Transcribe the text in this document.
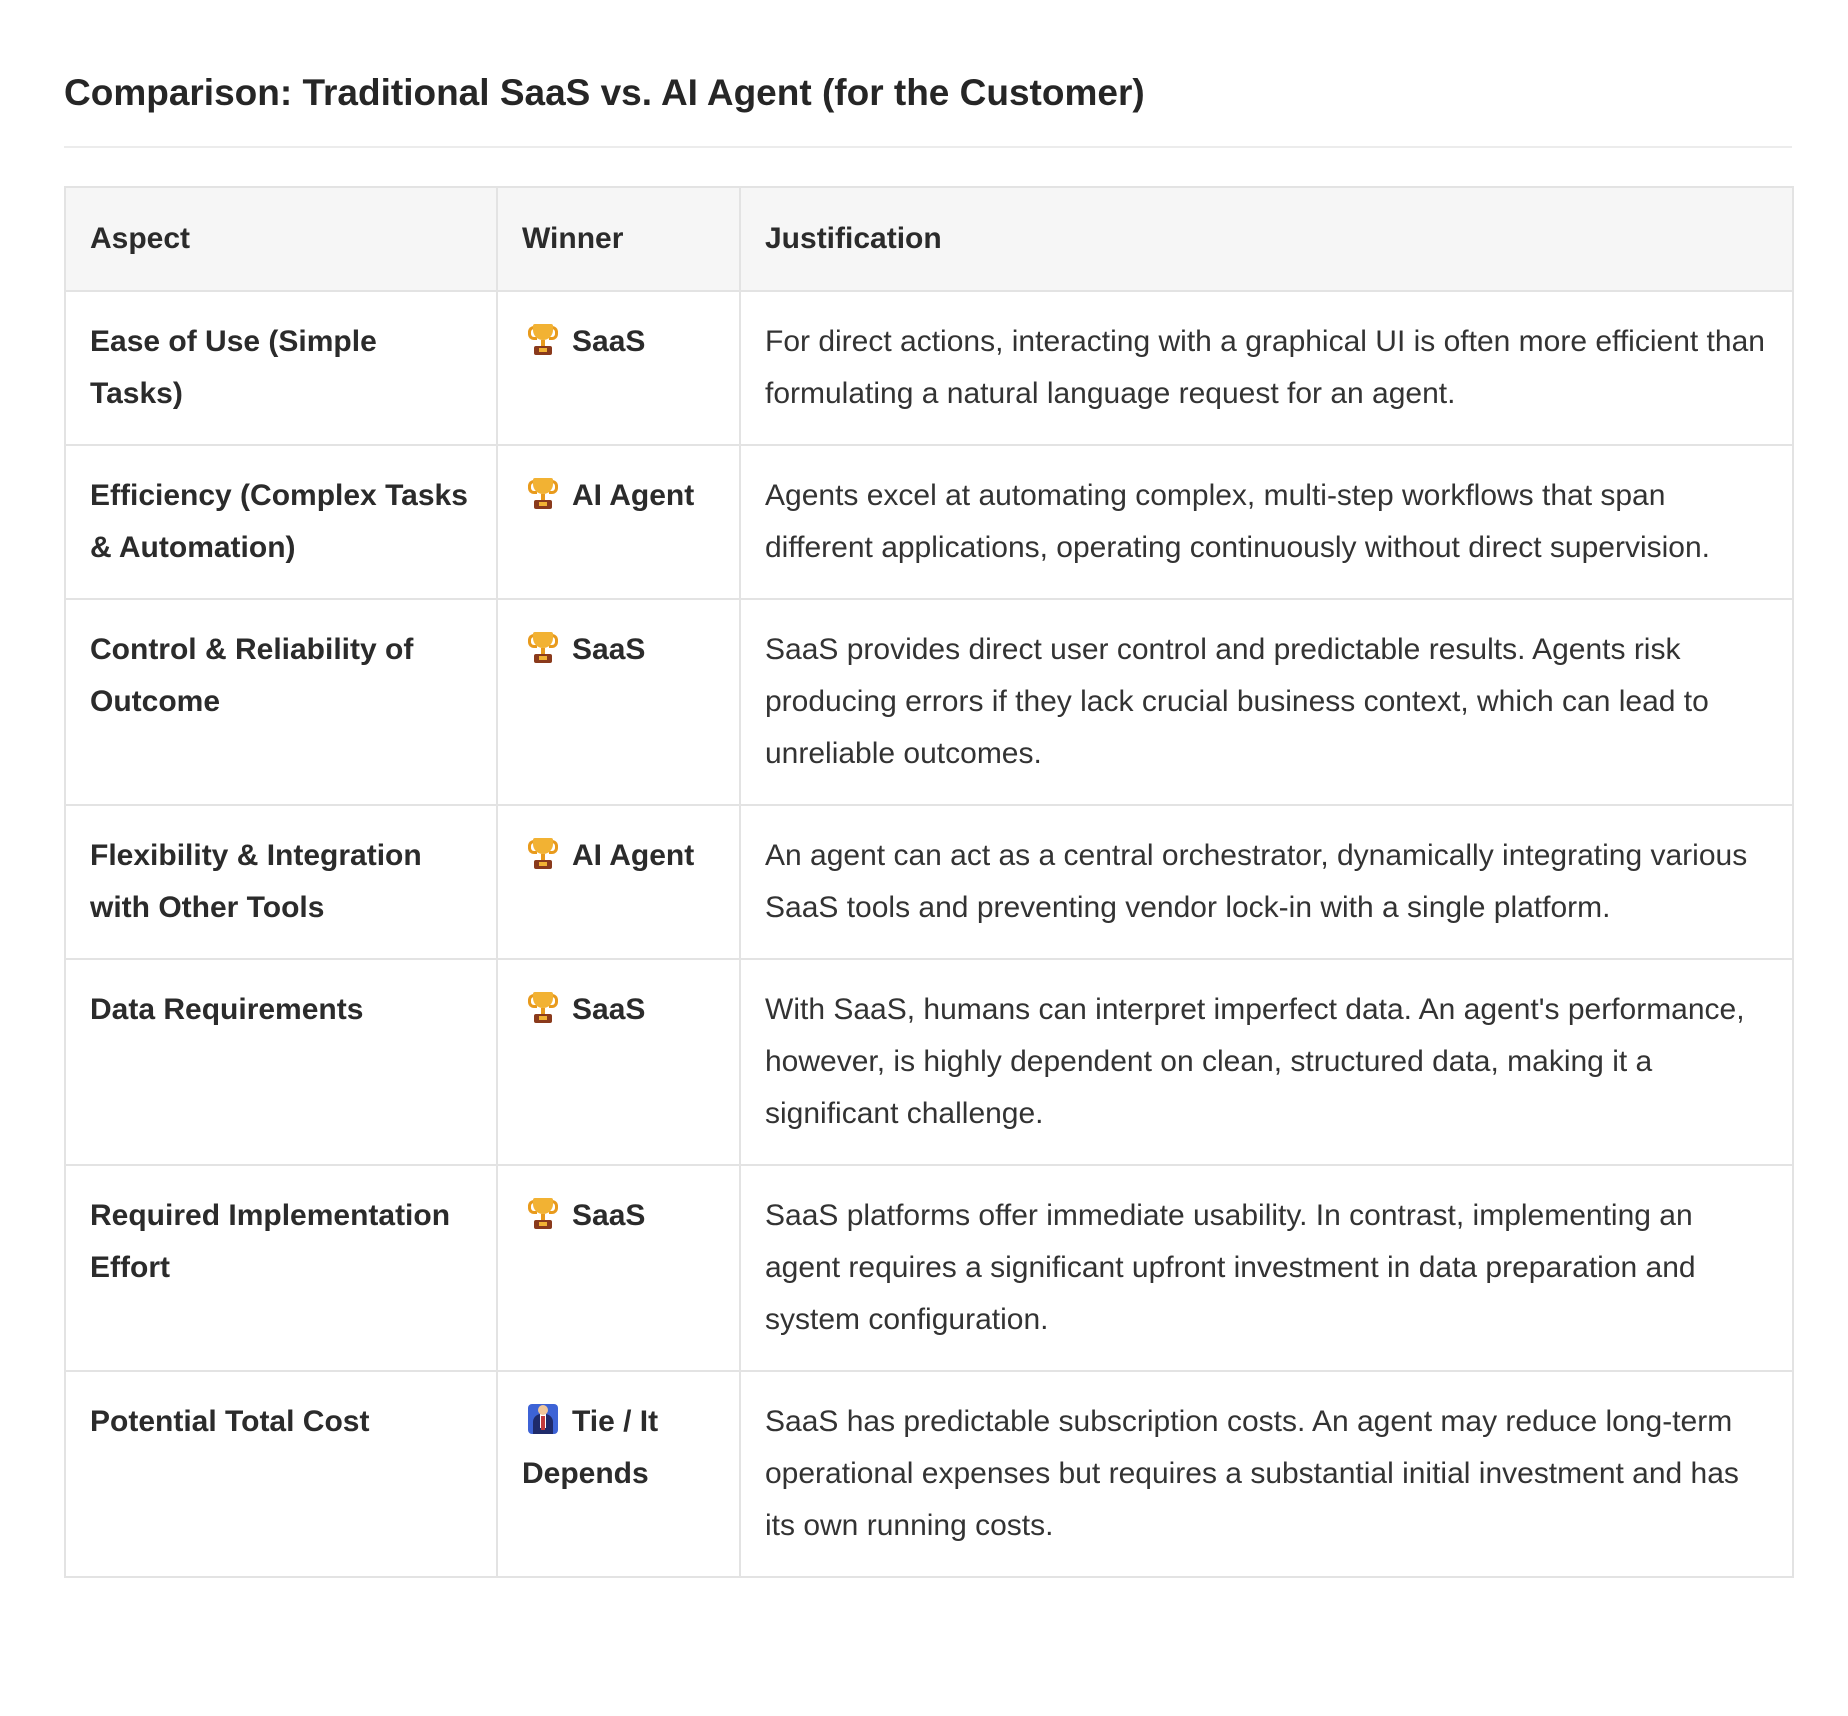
Comparison: Traditional SaaS vs. AI Agent (for the Customer)
Aspect	Winner	Justification
Ease of Use (Simple Tasks)	SaaS	For direct actions, interacting with a graphical UI is often more efficient than formulating a natural language request for an agent.
Efficiency (Complex Tasks & Automation)	AI Agent	Agents excel at automating complex, multi-step workflows that span different applications, operating continuously without direct supervision.
Control & Reliability of Outcome	SaaS	SaaS provides direct user control and predictable results. Agents risk producing errors if they lack crucial business context, which can lead to unreliable outcomes.
Flexibility & Integration with Other Tools	AI Agent	An agent can act as a central orchestrator, dynamically integrating various SaaS tools and preventing vendor lock-in with a single platform.
Data Requirements	SaaS	With SaaS, humans can interpret imperfect data. An agent's performance, however, is highly dependent on clean, structured data, making it a significant challenge.
Required Implementation Effort	SaaS	SaaS platforms offer immediate usability. In contrast, implementing an agent requires a significant upfront investment in data preparation and system configuration.
Potential Total Cost	Tie / It Depends	SaaS has predictable subscription costs. An agent may reduce long-term operational expenses but requires a substantial initial investment and has its own running costs.
